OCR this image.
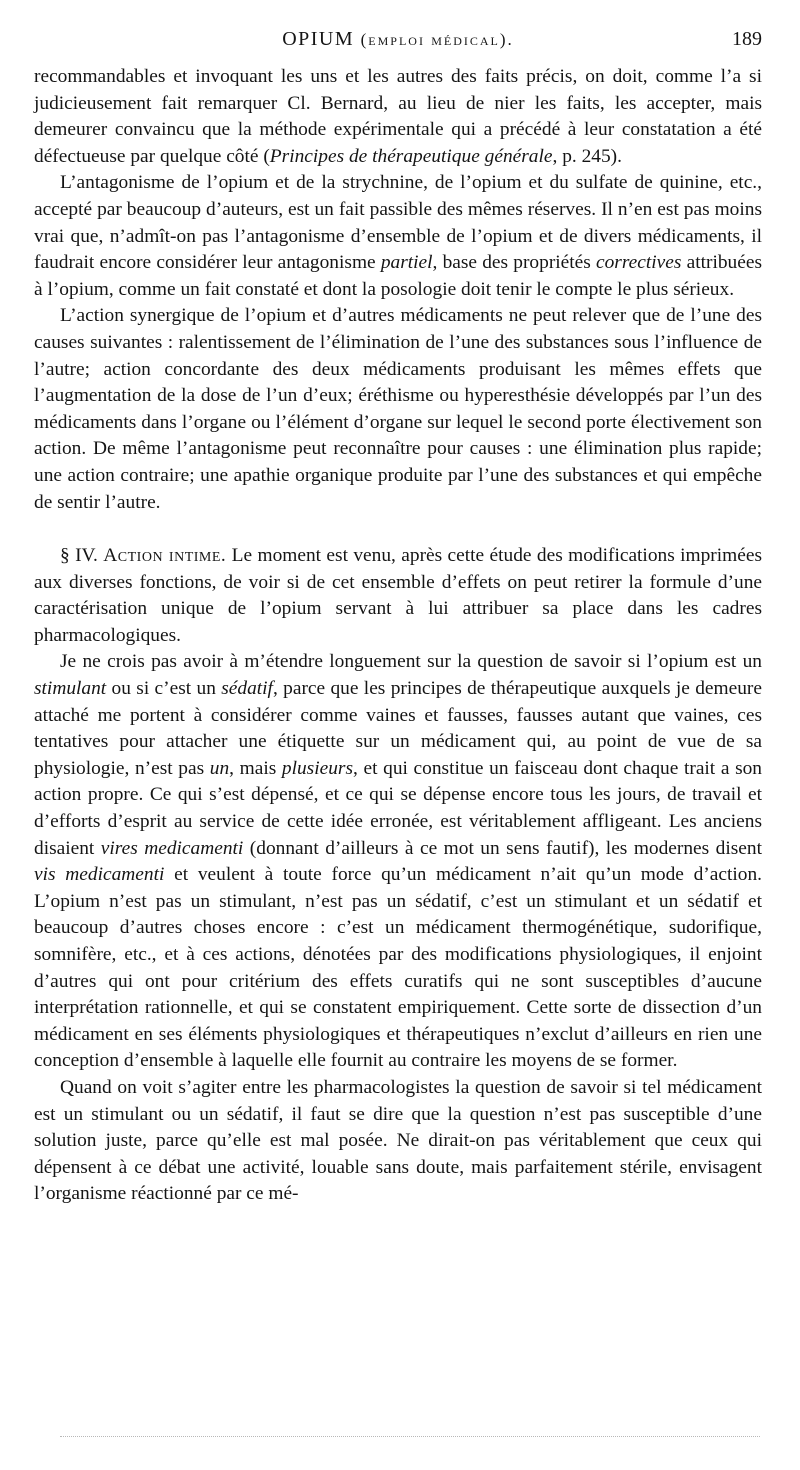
OPIUM (emploi médical).	189

recommandables et invoquant les uns et les autres des faits précis, on doit, comme l’a si judicieusement fait remarquer Cl. Bernard, au lieu de nier les faits, les accepter, mais demeurer convaincu que la méthode expérimentale qui a précédé à leur constatation a été défectueuse par quelque côté (Principes de thérapeutique générale, p. 245).

L’antagonisme de l’opium et de la strychnine, de l’opium et du sulfate de quinine, etc., accepté par beaucoup d’auteurs, est un fait passible des mêmes réserves. Il n’en est pas moins vrai que, n’admît-on pas l’antagonisme d’ensemble de l’opium et de divers médicaments, il faudrait encore considérer leur antagonisme partiel, base des propriétés correctives attribuées à l’opium, comme un fait constaté et dont la posologie doit tenir le compte le plus sérieux.

L’action synergique de l’opium et d’autres médicaments ne peut relever que de l’une des causes suivantes : ralentissement de l’élimination de l’une des substances sous l’influence de l’autre; action concordante des deux médicaments produisant les mêmes effets que l’augmentation de la dose de l’un d’eux; éréthisme ou hyperesthésie développés par l’un des médicaments dans l’organe ou l’élément d’organe sur lequel le second porte électivement son action. De même l’antagonisme peut reconnaître pour causes : une élimination plus rapide; une action contraire; une apathie organique produite par l’une des substances et qui empêche de sentir l’autre.

§ IV. Action intime. Le moment est venu, après cette étude des modifications imprimées aux diverses fonctions, de voir si de cet ensemble d’effets on peut retirer la formule d’une caractérisation unique de l’opium servant à lui attribuer sa place dans les cadres pharmacologiques.

Je ne crois pas avoir à m’étendre longuement sur la question de savoir si l’opium est un stimulant ou si c’est un sédatif, parce que les principes de thérapeutique auxquels je demeure attaché me portent à considérer comme vaines et fausses, fausses autant que vaines, ces tentatives pour attacher une étiquette sur un médicament qui, au point de vue de sa physiologie, n’est pas un, mais plusieurs, et qui constitue un faisceau dont chaque trait a son action propre. Ce qui s’est dépensé, et ce qui se dépense encore tous les jours, de travail et d’efforts d’esprit au service de cette idée erronée, est véritablement affligeant. Les anciens disaient vires medicamenti (donnant d’ailleurs à ce mot un sens fautif), les modernes disent vis medicamenti et veulent à toute force qu’un médicament n’ait qu’un mode d’action. L’opium n’est pas un stimulant, n’est pas un sédatif, c’est un stimulant et un sédatif et beaucoup d’autres choses encore : c’est un médicament thermogénétique, sudorifique, somnifère, etc., et à ces actions, dénotées par des modifications physiologiques, il enjoint d’autres qui ont pour critérium des effets curatifs qui ne sont susceptibles d’aucune interprétation rationnelle, et qui se constatent empiriquement. Cette sorte de dissection d’un médicament en ses éléments physiologiques et thérapeutiques n’exclut d’ailleurs en rien une conception d’ensemble à laquelle elle fournit au contraire les moyens de se former.

Quand on voit s’agiter entre les pharmacologistes la question de savoir si tel médicament est un stimulant ou un sédatif, il faut se dire que la question n’est pas susceptible d’une solution juste, parce qu’elle est mal posée. Ne dirait-on pas véritablement que ceux qui dépensent à ce débat une activité, louable sans doute, mais parfaitement stérile, envisagent l’organisme réactionné par ce mé-
